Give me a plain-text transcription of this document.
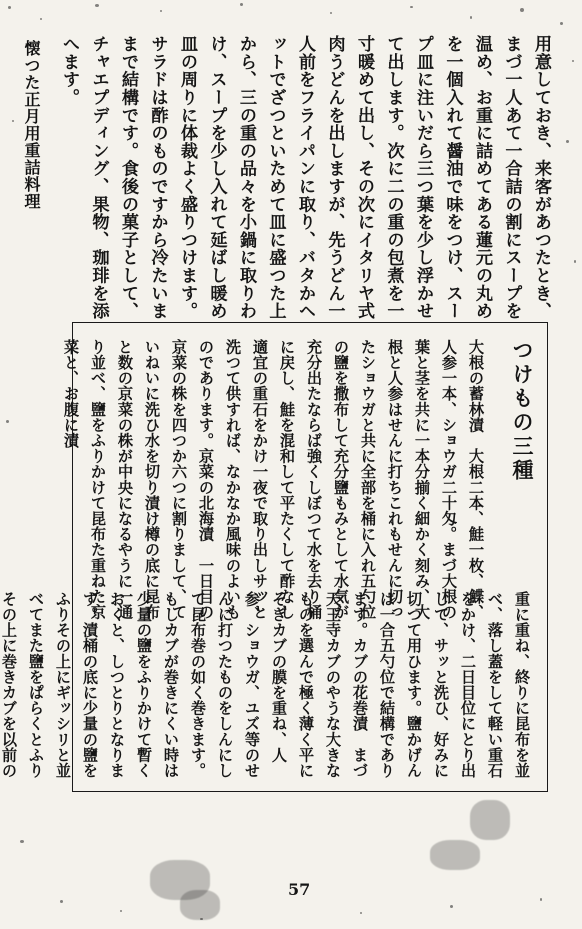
懐つた正月用重詰料理	用意しておき、来客があつたとき、まづ一人あて一合詰の割にスープを温め、お重に詰めてある蓮元の丸めを一個入れて醤油で味をつけ、スープ皿に注いだら三つ葉を少し浮かせて出します。次に二の重の包煮を一寸暖めて出し、その次にイタリヤ式肉うどんを出しますが、先うどん一人前をフライパンに取り、バタかヘットでざつといためて皿に盛つた上から、三の重の品々を小鍋に取りわけ、スープを少し入れて延ばし暖め皿の周りに体裁よく盛りつけます。サラドは酢のものですから冷たいままで結構です。食後の菓子として、チャエプディング、果物、珈琲を添へます。
つけもの三種
大根の蓄林漬　大根二本、鮭一枚、鰈、人参一本、ショウガ二十匁。まづ大根の葉と茎を共に一本分揃く細かく刻み、大根と人参はせんに打ちこれもせんに切ったショウガと共に全部を桶に入れ五勺位の鹽を撒布して充分鹽もみとして水気が充分出たならば強くしぼつて水を去り桶に戻し、鮭を混和して平たくして酢なし適宜の重石をかけ一夜で取り出しサッと洗つて供すれば、なかなか風味のよいものであります。京菜の北海漬　一日目の京菜の株を四つか六つに割りまして、ていねいに洗ひ水を切り漬け樽の底に昆布と数の京菜の株が中央になるやうに一通り並べ、鹽をふりかけて昆布た重ねた京菜と、お腹に漬
重に重ね、終りに昆布を並べ、落し蓋をして軽い重石をかけ、二日目位にとり出して、サッと洗ひ、好みに切つて用ひます。鹽かげんは一合五勺位で結構であります。カブの花巻漬　まづ天王寺カブのやうな大きなものを選んで極く薄く平にそぎカブの膜を重ね、人参、ショウガ、ユズ等のせんに打つたものをしんにして昆布巻の如く巻きます。もしカブが巻きにくい時は少量の鹽をふりかけて暫くおくと、しつとりとなります。漬桶の底に少量の鹽をふりその上にギッシリと並べてまた鹽をぱらくとふりその上に巻きカブを以前の
57
